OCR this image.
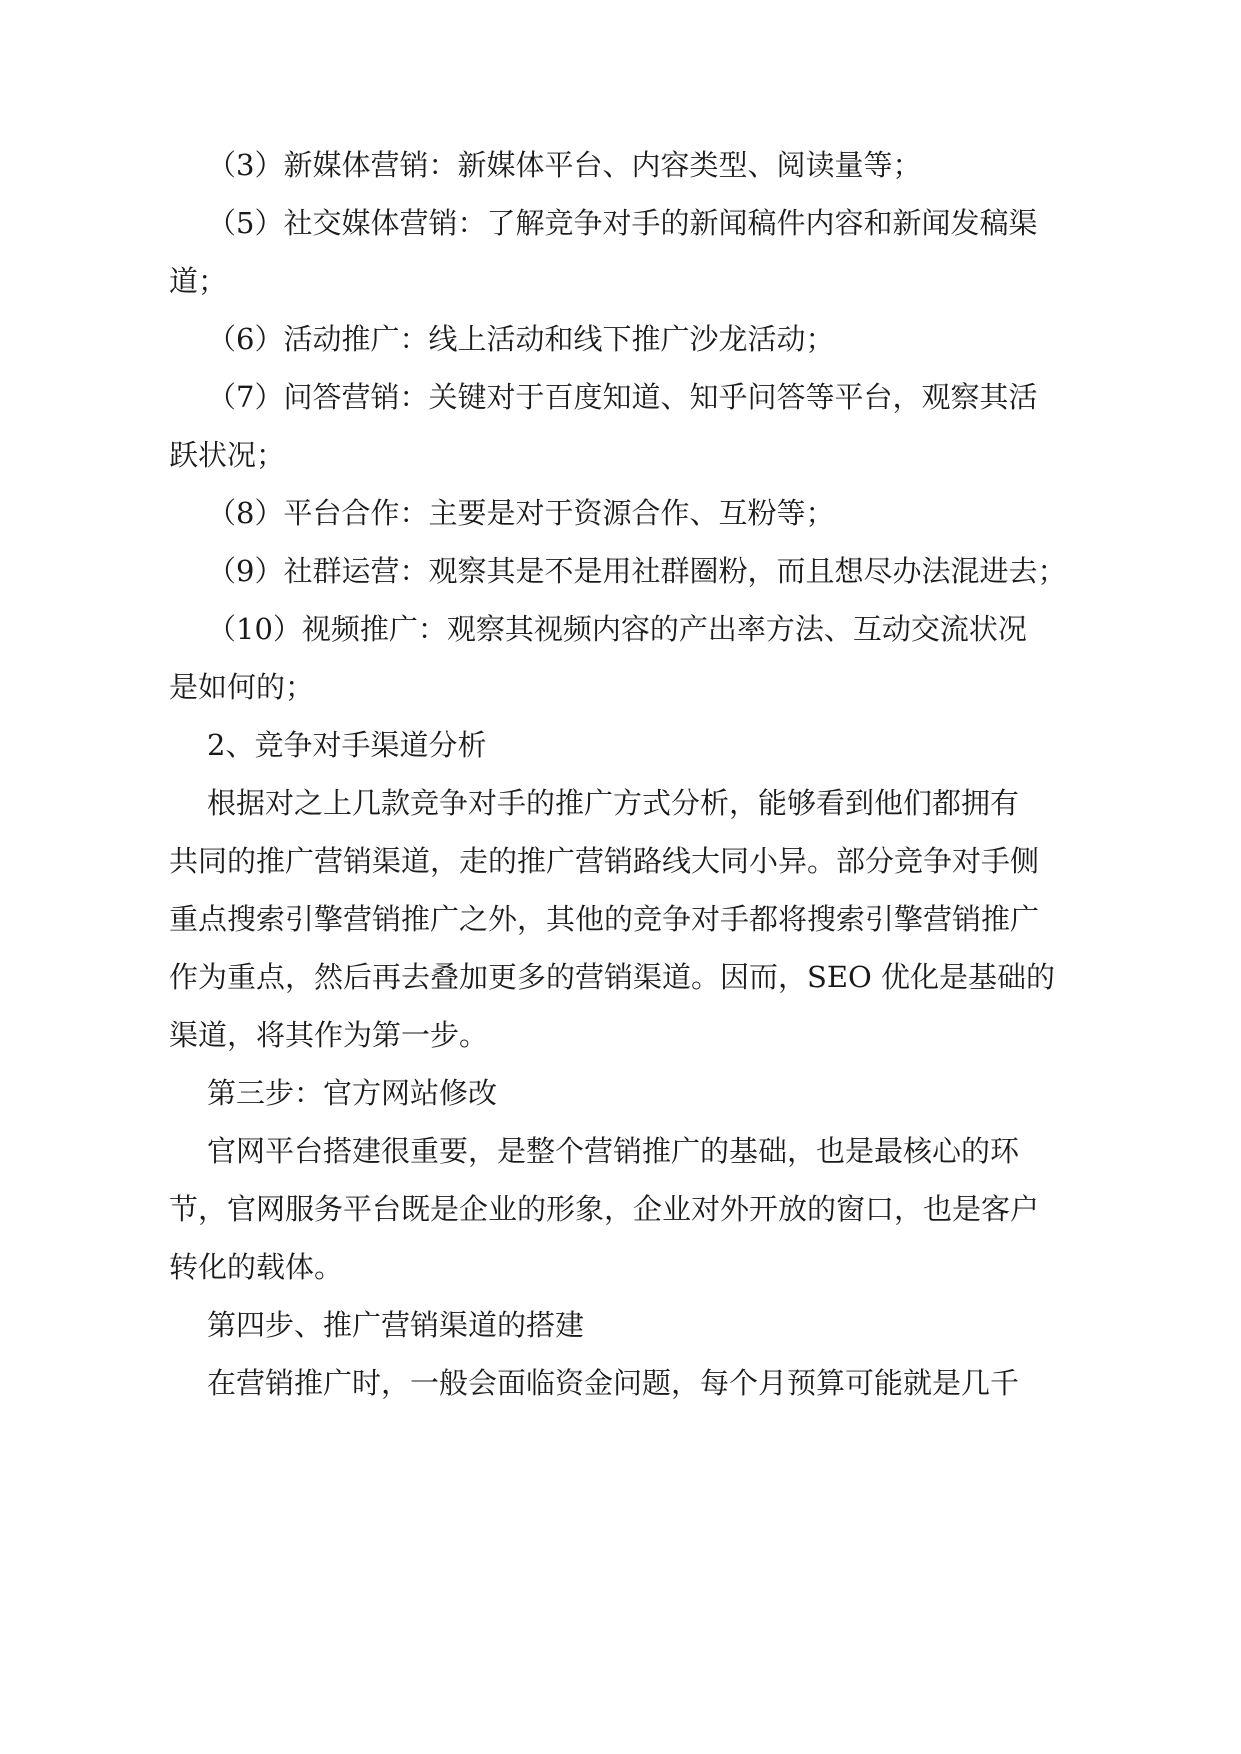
（3）新媒体营销：新媒体平台、内容类型、阅读量等；
（5）社交媒体营销：了解竞争对手的新闻稿件内容和新闻发稿渠
道；
（6）活动推广：线上活动和线下推广沙龙活动；
（7）问答营销：关键对于百度知道、知乎问答等平台，观察其活
跃状况；
（8）平台合作：主要是对于资源合作、互粉等；
（9）社群运营：观察其是不是用社群圈粉，而且想尽办法混进去；
（10）视频推广：观察其视频内容的产出率方法、互动交流状况
是如何的；
2、竞争对手渠道分析
根据对之上几款竞争对手的推广方式分析，能够看到他们都拥有
共同的推广营销渠道，走的推广营销路线大同小异。部分竞争对手侧
重点搜索引擎营销推广之外，其他的竞争对手都将搜索引擎营销推广
作为重点，然后再去叠加更多的营销渠道。因而，SEO 优化是基础的
渠道，将其作为第一步。
第三步：官方网站修改
官网平台搭建很重要，是整个营销推广的基础，也是最核心的环
节，官网服务平台既是企业的形象，企业对外开放的窗口，也是客户
转化的载体。
第四步、推广营销渠道的搭建
在营销推广时，一般会面临资金问题，每个月预算可能就是几千
